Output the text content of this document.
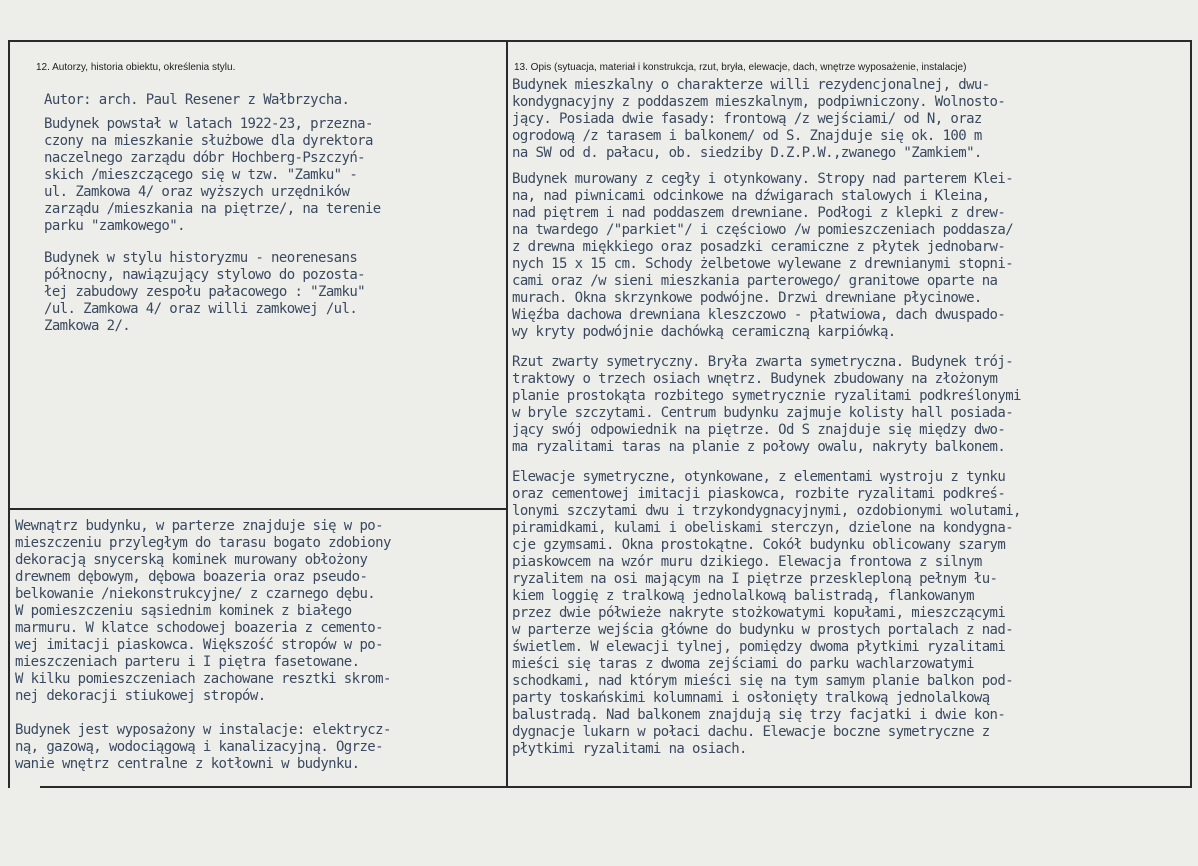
12. Autorzy, historia obiektu, określenia stylu.	13. Opis (sytuacja, materiał i konstrukcja, rzut, bryła, elewacje, dach, wnętrze wyposażenie, instalacje)

Autor: arch. Paul Resener z Wałbrzycha.

Budynek powstał w latach 1922-23, przezna-
czony na mieszkanie służbowe dla dyrektora
naczelnego zarządu dóbr Hochberg-Pszczyń-
skich /mieszczącego się w tzw. "Zamku" -
ul. Zamkowa 4/ oraz wyższych urzędników
zarządu /mieszkania na piętrze/, na terenie
parku "zamkowego".

Budynek w stylu historyzmu - neorenesans
północny, nawiązujący stylowo do pozosta-
łej zabudowy zespołu pałacowego : "Zamku"
/ul. Zamkowa 4/ oraz willi zamkowej /ul.
Zamkowa 2/.

Wewnątrz budynku, w parterze znajduje się w po-
mieszczeniu przyległym do tarasu bogato zdobiony
dekoracją snycerską kominek murowany obłożony
drewnem dębowym, dębowa boazeria oraz pseudo-
belkowanie /niekonstrukcyjne/ z czarnego dębu.
W pomieszczeniu sąsiednim kominek z białego
marmuru. W klatce schodowej boazeria z cemento-
wej imitacji piaskowca. Większość stropów w po-
mieszczeniach parteru i I piętra fasetowane.
W kilku pomieszczeniach zachowane resztki skrom-
nej dekoracji stiukowej stropów.

Budynek jest wyposażony w instalacje: elektrycz-
ną, gazową, wodociągową i kanalizacyjną. Ogrze-
wanie wnętrz centralne z kotłowni w budynku.

Budynek mieszkalny o charakterze willi rezydencjonalnej, dwu-
kondygnacyjny z poddaszem mieszkalnym, podpiwniczony. Wolnosto-
jący. Posiada dwie fasady: frontową /z wejściami/ od N, oraz
ogrodową /z tarasem i balkonem/ od S. Znajduje się ok. 100 m
na SW od d. pałacu, ob. siedziby D.Z.P.W.,zwanego "Zamkiem".

Budynek murowany z cegły i otynkowany. Stropy nad parterem Klei-
na, nad piwnicami odcinkowe na dźwigarach stalowych i Kleina,
nad piętrem i nad poddaszem drewniane. Podłogi z klepki z drew-
na twardego /"parkiet"/ i częściowo /w pomieszczeniach poddasza/
z drewna miękkiego oraz posadzki ceramiczne z płytek jednobarw-
nych 15 x 15 cm. Schody żelbetowe wylewane z drewnianymi stopni-
cami oraz /w sieni mieszkania parterowego/ granitowe oparte na
murach. Okna skrzynkowe podwójne. Drzwi drewniane płycinowe.
Więźba dachowa drewniana kleszczowo - płatwiowa, dach dwuspado-
wy kryty podwójnie dachówką ceramiczną karpiówką.

Rzut zwarty symetryczny. Bryła zwarta symetryczna. Budynek trój-
traktowy o trzech osiach wnętrz. Budynek zbudowany na złożonym
planie prostokąta rozbitego symetrycznie ryzalitami podkreślonymi
w bryle szczytami. Centrum budynku zajmuje kolisty hall posiada-
jący swój odpowiednik na piętrze. Od S znajduje się między dwo-
ma ryzalitami taras na planie z połowy owalu, nakryty balkonem.

Elewacje symetryczne, otynkowane, z elementami wystroju z tynku
oraz cementowej imitacji piaskowca, rozbite ryzalitami podkreś-
lonymi szczytami dwu i trzykondygnacyjnymi, ozdobionymi wolutami,
piramidkami, kulami i obeliskami sterczyn, dzielone na kondygna-
cje gzymsami. Okna prostokątne. Cokół budynku oblicowany szarym
piaskowcem na wzór muru dzikiego. Elewacja frontowa z silnym
ryzalitem na osi mającym na I piętrze przeskleploną pełnym łu-
kiem loggię z tralkową jednolalkową balistradą, flankowanym
przez dwie półwieże nakryte stożkowatymi kopułami, mieszczącymi
w parterze wejścia główne do budynku w prostych portalach z nad-
świetlem. W elewacji tylnej, pomiędzy dwoma płytkimi ryzalitami
mieści się taras z dwoma zejściami do parku wachlarzowatymi
schodkami, nad którym mieści się na tym samym planie balkon pod-
party toskańskimi kolumnami i osłonięty tralkową jednolalkową
balustradą. Nad balkonem znajdują się trzy facjatki i dwie kon-
dygnacje lukarn w połaci dachu. Elewacje boczne symetryczne z
płytkimi ryzalitami na osiach.
